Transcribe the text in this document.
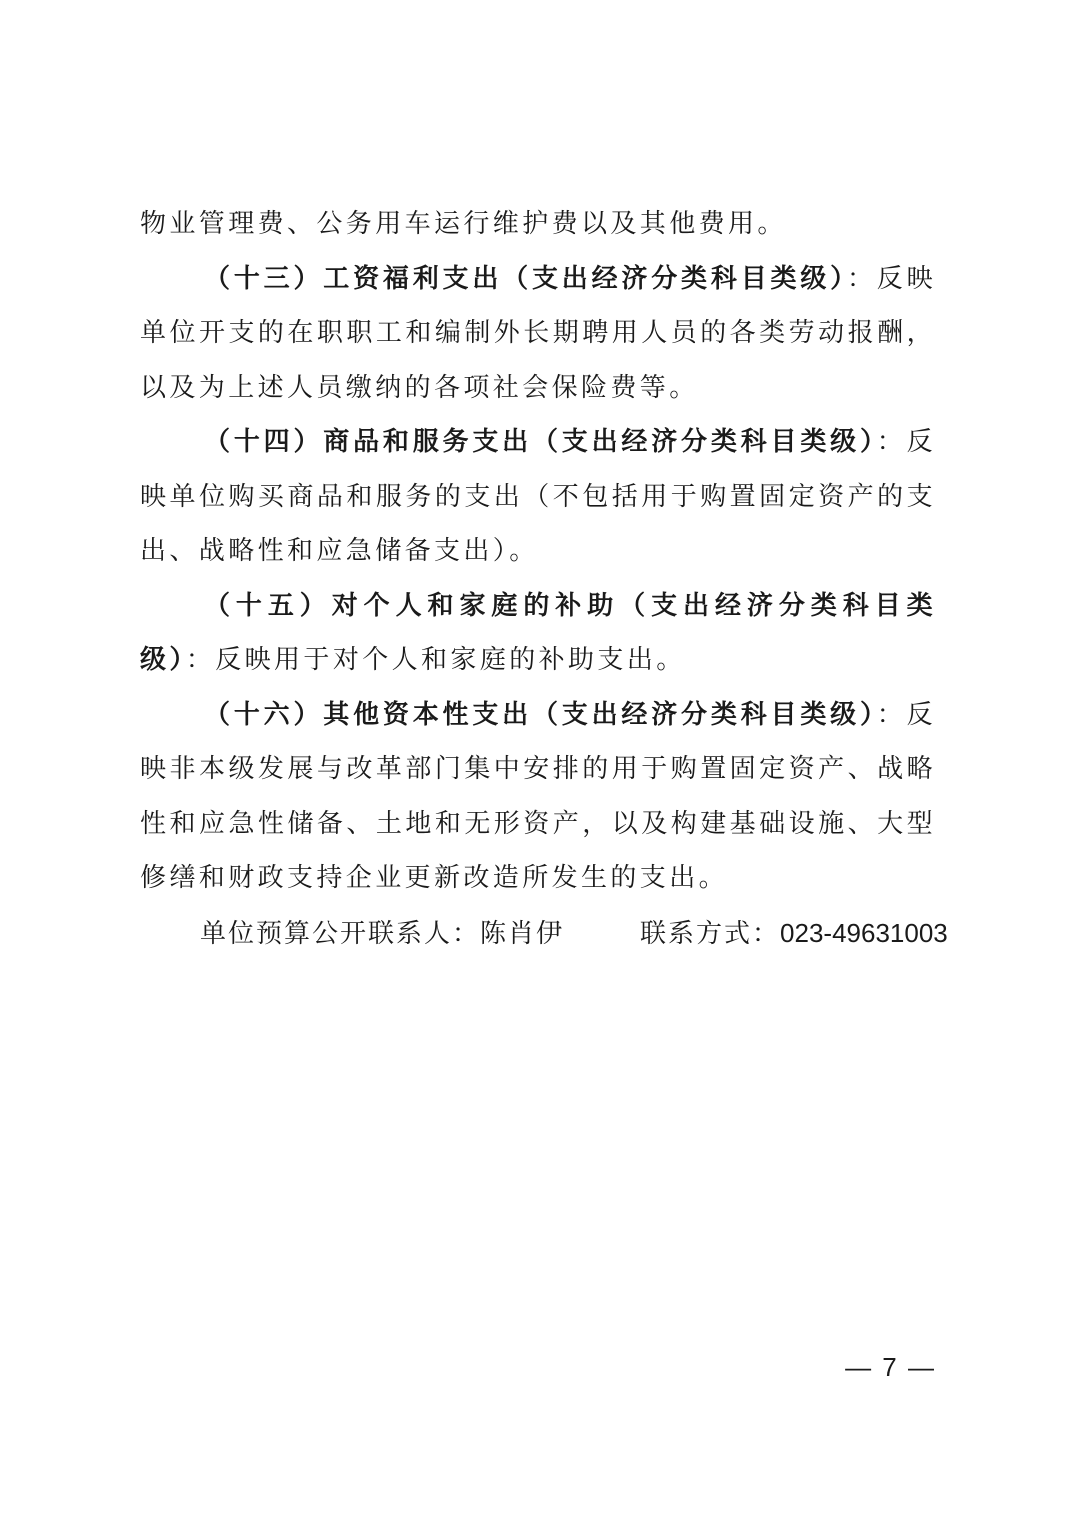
物业管理费、公务用车运行维护费以及其他费用。

（十三）工资福利支出（支出经济分类科目类级）：反映单位开支的在职职工和编制外长期聘用人员的各类劳动报酬，以及为上述人员缴纳的各项社会保险费等。

（十四）商品和服务支出（支出经济分类科目类级）：反映单位购买商品和服务的支出（不包括用于购置固定资产的支出、战略性和应急储备支出）。

（十五）对个人和家庭的补助（支出经济分类科目类级）：反映用于对个人和家庭的补助支出。

（十六）其他资本性支出（支出经济分类科目类级）：反映非本级发展与改革部门集中安排的用于购置固定资产、战略性和应急性储备、土地和无形资产，以及构建基础设施、大型修缮和财政支持企业更新改造所发生的支出。

单位预算公开联系人：陈肖伊	联系方式：023-49631003

— 7 —
